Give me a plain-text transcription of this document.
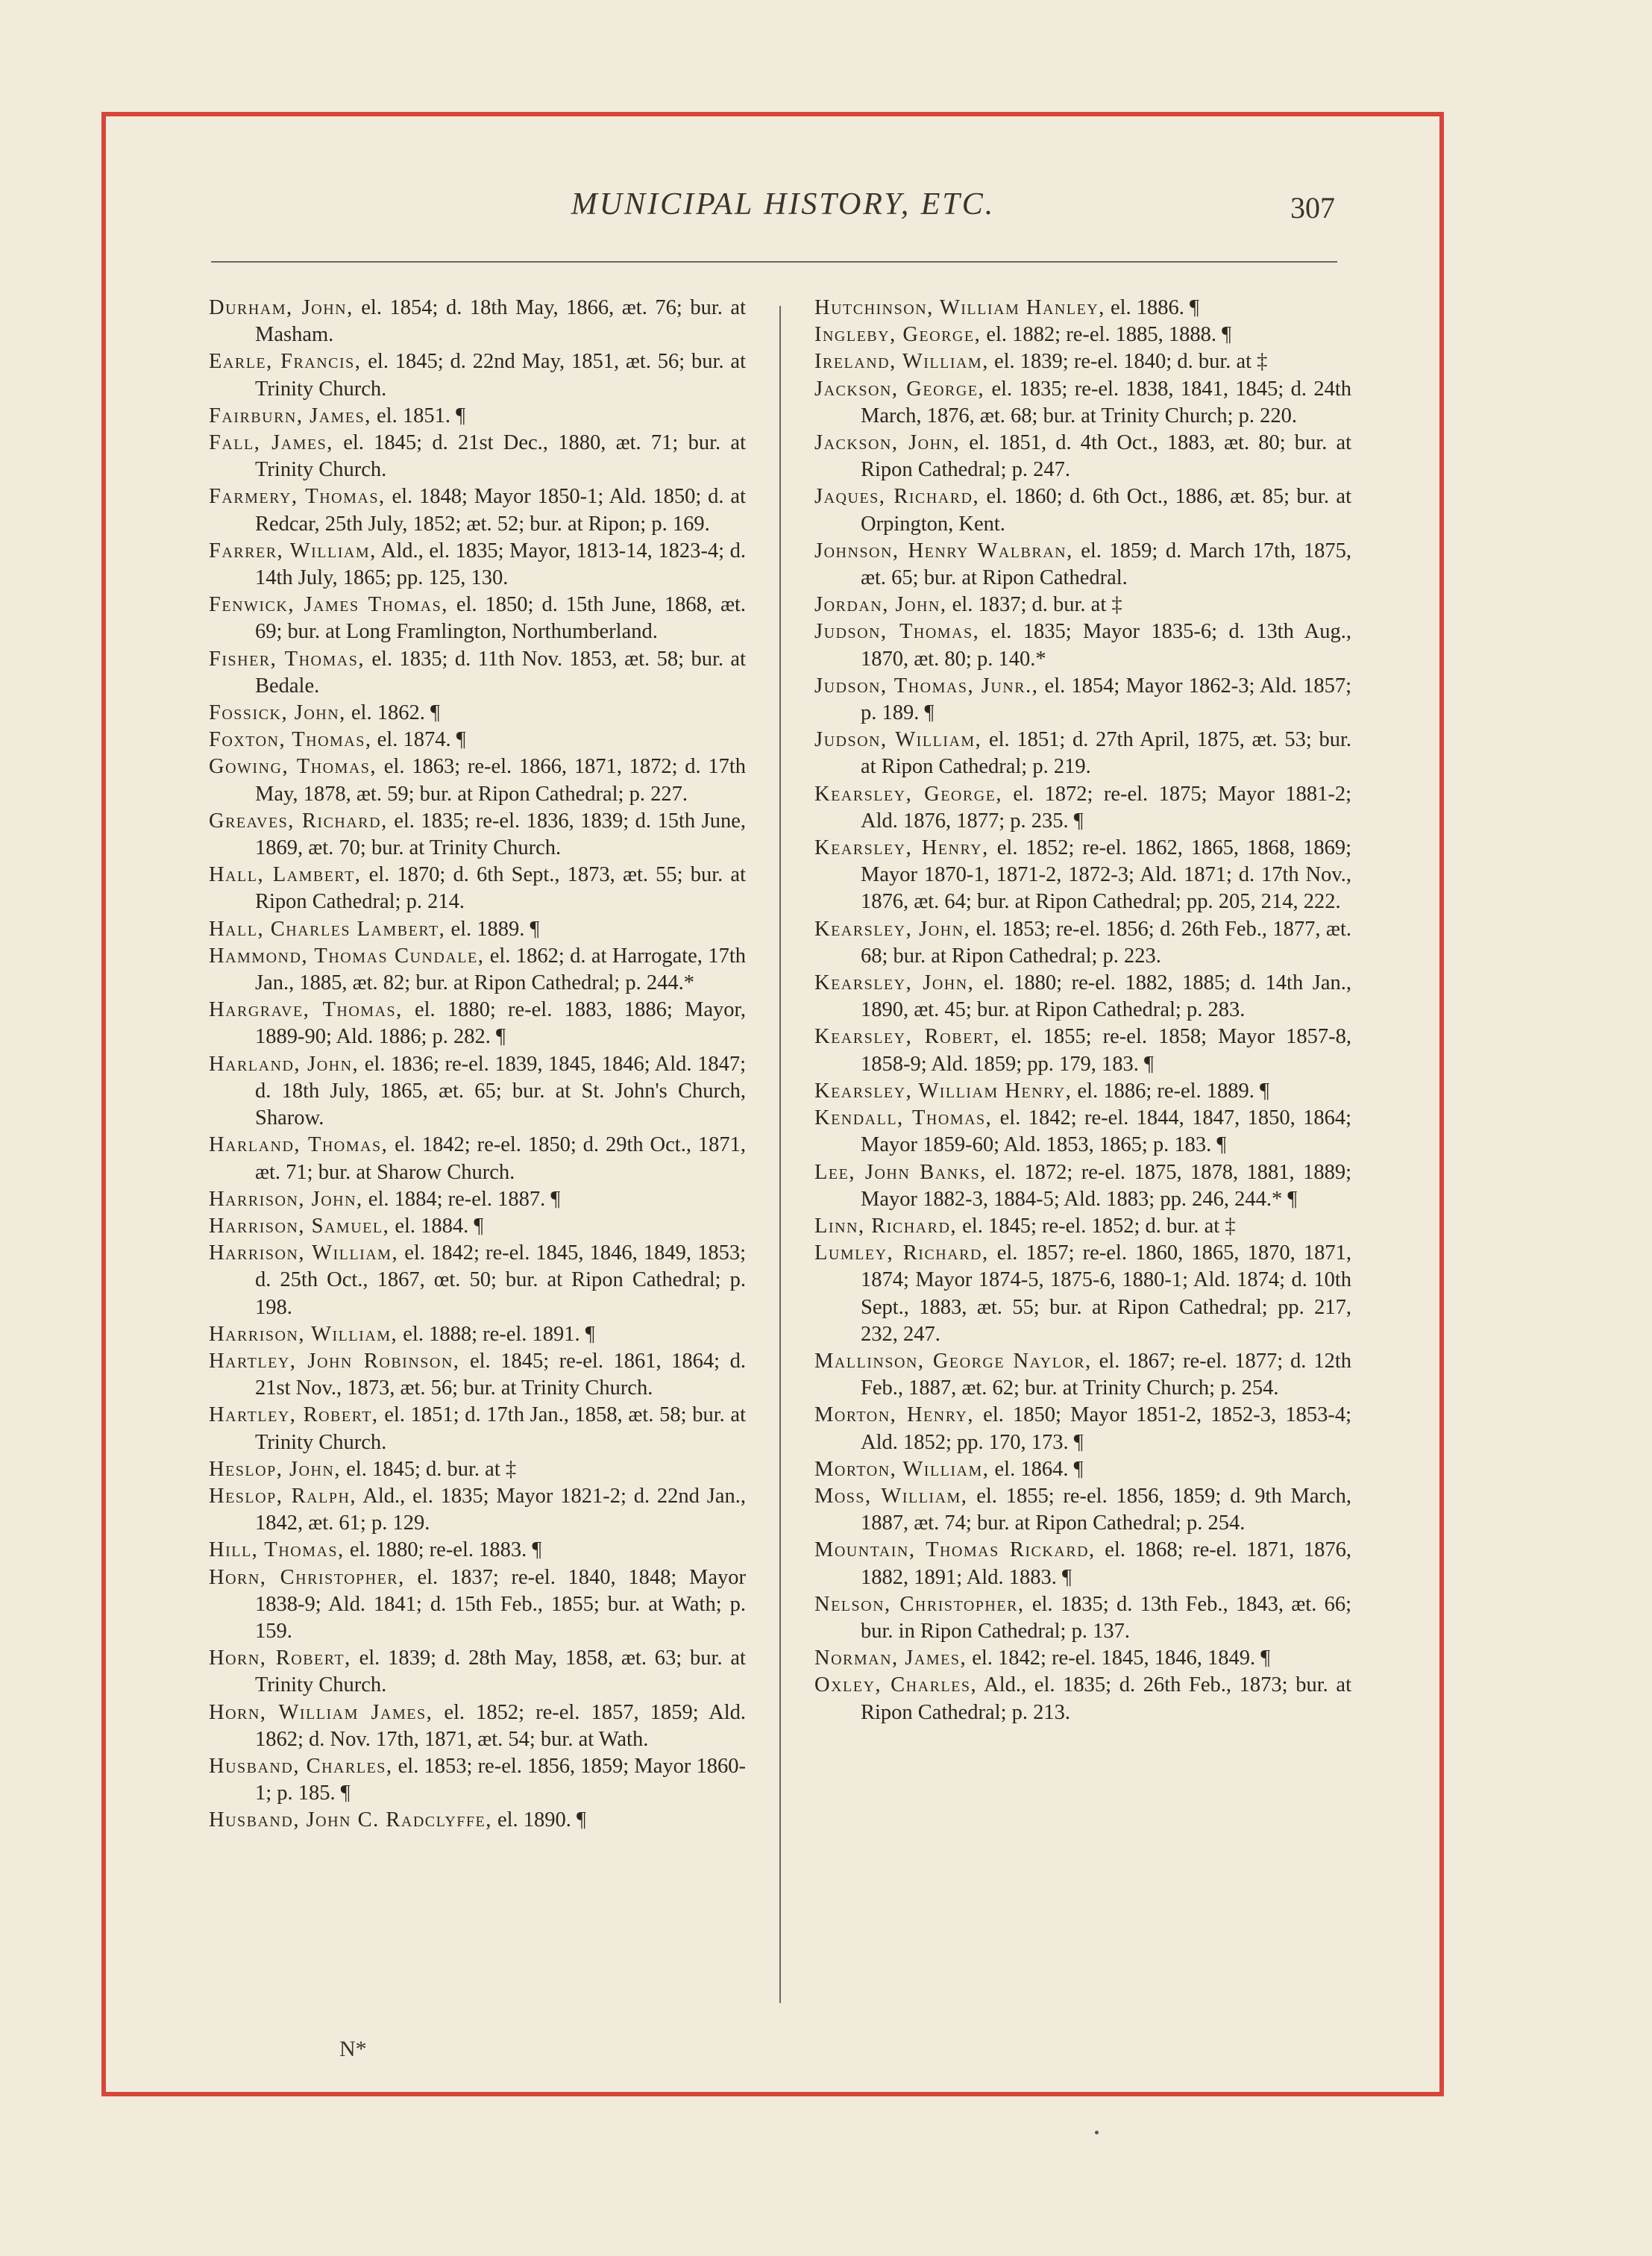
MUNICIPAL HISTORY, ETC.	307
Durham, John, el. 1854; d. 18th May, 1866, æt. 76; bur. at Masham.
Earle, Francis, el. 1845; d. 22nd May, 1851, æt. 56; bur. at Trinity Church.
Fairburn, James, el. 1851. ¶
Fall, James, el. 1845; d. 21st Dec., 1880, æt. 71; bur. at Trinity Church.
Farmery, Thomas, el. 1848; Mayor 1850-1; Ald. 1850; d. at Redcar, 25th July, 1852; æt. 52; bur. at Ripon; p. 169.
Farrer, William, Ald., el. 1835; Mayor, 1813-14, 1823-4; d. 14th July, 1865; pp. 125, 130.
Fenwick, James Thomas, el. 1850; d. 15th June, 1868, æt. 69; bur. at Long Framlington, Northumberland.
Fisher, Thomas, el. 1835; d. 11th Nov. 1853, æt. 58; bur. at Bedale.
Fossick, John, el. 1862. ¶
Foxton, Thomas, el. 1874. ¶
Gowing, Thomas, el. 1863; re-el. 1866, 1871, 1872; d. 17th May, 1878, æt. 59; bur. at Ripon Cathedral; p. 227.
Greaves, Richard, el. 1835; re-el. 1836, 1839; d. 15th June, 1869, æt. 70; bur. at Trinity Church.
Hall, Lambert, el. 1870; d. 6th Sept., 1873, æt. 55; bur. at Ripon Cathedral; p. 214.
Hall, Charles Lambert, el. 1889. ¶
Hammond, Thomas Cundale, el. 1862; d. at Harrogate, 17th Jan., 1885, æt. 82; bur. at Ripon Cathedral; p. 244.*
Hargrave, Thomas, el. 1880; re-el. 1883, 1886; Mayor, 1889-90; Ald. 1886; p. 282. ¶
Harland, John, el. 1836; re-el. 1839, 1845, 1846; Ald. 1847; d. 18th July, 1865, æt. 65; bur. at St. John's Church, Sharow.
Harland, Thomas, el. 1842; re-el. 1850; d. 29th Oct., 1871, æt. 71; bur. at Sharow Church.
Harrison, John, el. 1884; re-el. 1887. ¶
Harrison, Samuel, el. 1884. ¶
Harrison, William, el. 1842; re-el. 1845, 1846, 1849, 1853; d. 25th Oct., 1867, œt. 50; bur. at Ripon Cathedral; p. 198.
Harrison, William, el. 1888; re-el. 1891. ¶
Hartley, John Robinson, el. 1845; re-el. 1861, 1864; d. 21st Nov., 1873, æt. 56; bur. at Trinity Church.
Hartley, Robert, el. 1851; d. 17th Jan., 1858, æt. 58; bur. at Trinity Church.
Heslop, John, el. 1845; d. bur. at ‡
Heslop, Ralph, Ald., el. 1835; Mayor 1821-2; d. 22nd Jan., 1842, æt. 61; p. 129.
Hill, Thomas, el. 1880; re-el. 1883. ¶
Horn, Christopher, el. 1837; re-el. 1840, 1848; Mayor 1838-9; Ald. 1841; d. 15th Feb., 1855; bur. at Wath; p. 159.
Horn, Robert, el. 1839; d. 28th May, 1858, æt. 63; bur. at Trinity Church.
Horn, William James, el. 1852; re-el. 1857, 1859; Ald. 1862; d. Nov. 17th, 1871, æt. 54; bur. at Wath.
Husband, Charles, el. 1853; re-el. 1856, 1859; Mayor 1860-1; p. 185. ¶
Husband, John C. Radclyffe, el. 1890. ¶
Hutchinson, William Hanley, el. 1886. ¶
Ingleby, George, el. 1882; re-el. 1885, 1888. ¶
Ireland, William, el. 1839; re-el. 1840; d. bur. at ‡
Jackson, George, el. 1835; re-el. 1838, 1841, 1845; d. 24th March, 1876, æt. 68; bur. at Trinity Church; p. 220.
Jackson, John, el. 1851, d. 4th Oct., 1883, æt. 80; bur. at Ripon Cathedral; p. 247.
Jaques, Richard, el. 1860; d. 6th Oct., 1886, æt. 85; bur. at Orpington, Kent.
Johnson, Henry Walbran, el. 1859; d. March 17th, 1875, æt. 65; bur. at Ripon Cathedral.
Jordan, John, el. 1837; d. bur. at ‡
Judson, Thomas, el. 1835; Mayor 1835-6; d. 13th Aug., 1870, æt. 80; p. 140.*
Judson, Thomas, Junr., el. 1854; Mayor 1862-3; Ald. 1857; p. 189. ¶
Judson, William, el. 1851; d. 27th April, 1875, æt. 53; bur. at Ripon Cathedral; p. 219.
Kearsley, George, el. 1872; re-el. 1875; Mayor 1881-2; Ald. 1876, 1877; p. 235. ¶
Kearsley, Henry, el. 1852; re-el. 1862, 1865, 1868, 1869; Mayor 1870-1, 1871-2, 1872-3; Ald. 1871; d. 17th Nov., 1876, æt. 64; bur. at Ripon Cathedral; pp. 205, 214, 222.
Kearsley, John, el. 1853; re-el. 1856; d. 26th Feb., 1877, æt. 68; bur. at Ripon Cathedral; p. 223.
Kearsley, John, el. 1880; re-el. 1882, 1885; d. 14th Jan., 1890, æt. 45; bur. at Ripon Cathedral; p. 283.
Kearsley, Robert, el. 1855; re-el. 1858; Mayor 1857-8, 1858-9; Ald. 1859; pp. 179, 183. ¶
Kearsley, William Henry, el. 1886; re-el. 1889. ¶
Kendall, Thomas, el. 1842; re-el. 1844, 1847, 1850, 1864; Mayor 1859-60; Ald. 1853, 1865; p. 183. ¶
Lee, John Banks, el. 1872; re-el. 1875, 1878, 1881, 1889; Mayor 1882-3, 1884-5; Ald. 1883; pp. 246, 244.* ¶
Linn, Richard, el. 1845; re-el. 1852; d. bur. at ‡
Lumley, Richard, el. 1857; re-el. 1860, 1865, 1870, 1871, 1874; Mayor 1874-5, 1875-6, 1880-1; Ald. 1874; d. 10th Sept., 1883, æt. 55; bur. at Ripon Cathedral; pp. 217, 232, 247.
Mallinson, George Naylor, el. 1867; re-el. 1877; d. 12th Feb., 1887, æt. 62; bur. at Trinity Church; p. 254.
Morton, Henry, el. 1850; Mayor 1851-2, 1852-3, 1853-4; Ald. 1852; pp. 170, 173. ¶
Morton, William, el. 1864. ¶
Moss, William, el. 1855; re-el. 1856, 1859; d. 9th March, 1887, æt. 74; bur. at Ripon Cathedral; p. 254.
Mountain, Thomas Rickard, el. 1868; re-el. 1871, 1876, 1882, 1891; Ald. 1883. ¶
Nelson, Christopher, el. 1835; d. 13th Feb., 1843, æt. 66; bur. in Ripon Cathedral; p. 137.
Norman, James, el. 1842; re-el. 1845, 1846, 1849. ¶
Oxley, Charles, Ald., el. 1835; d. 26th Feb., 1873; bur. at Ripon Cathedral; p. 213.
N*
